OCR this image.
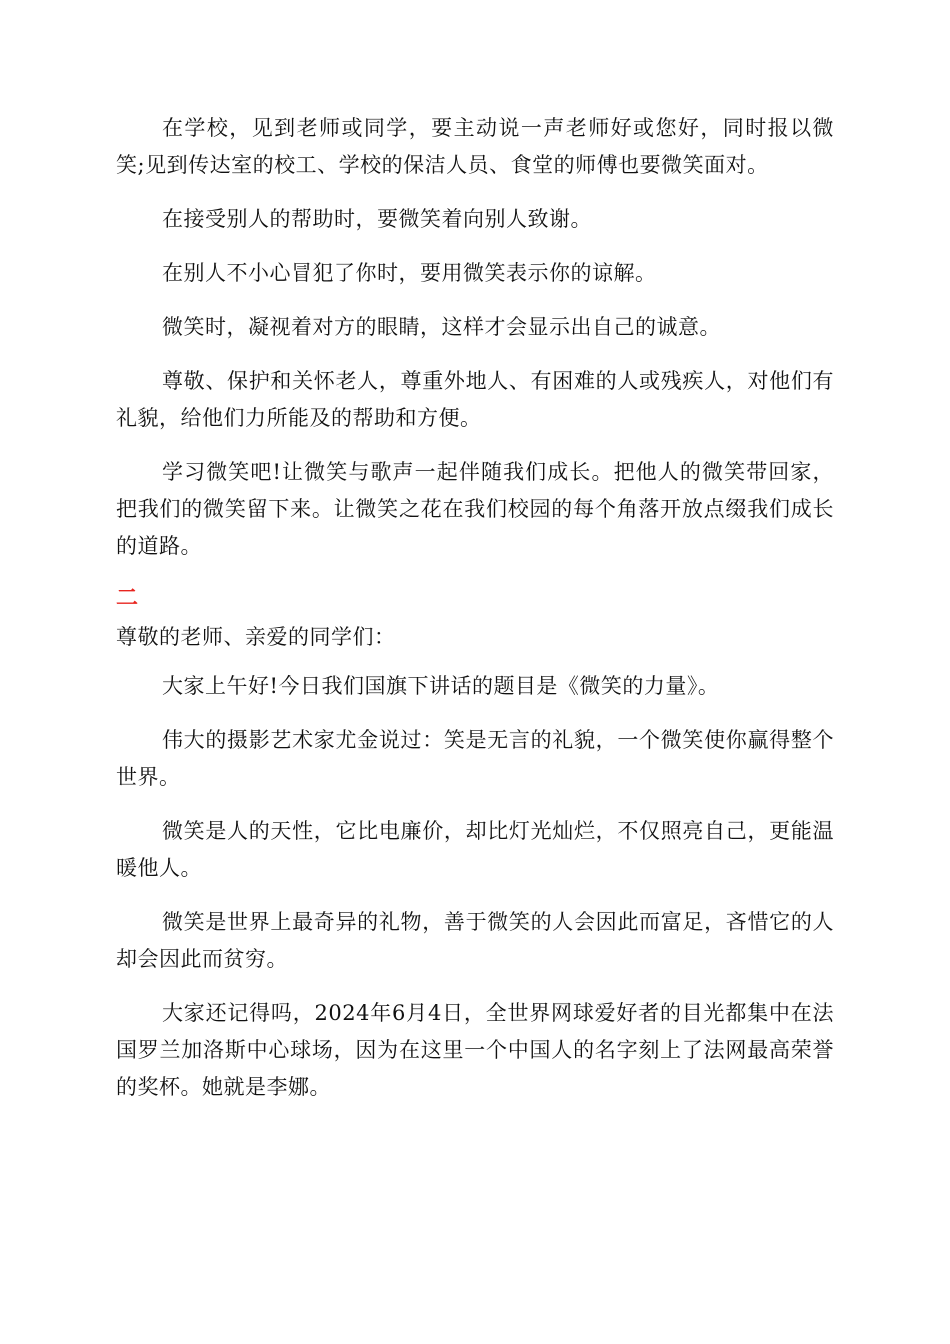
在学校，见到老师或同学，要主动说一声老师好或您好，同时报以微笑;见到传达室的校工、学校的保洁人员、食堂的师傅也要微笑面对。

在接受别人的帮助时，要微笑着向别人致谢。

在别人不小心冒犯了你时，要用微笑表示你的谅解。

微笑时，凝视着对方的眼睛，这样才会显示出自己的诚意。

尊敬、保护和关怀老人，尊重外地人、有困难的人或残疾人，对他们有礼貌，给他们力所能及的帮助和方便。

学习微笑吧!让微笑与歌声一起伴随我们成长。把他人的微笑带回家，把我们的微笑留下来。让微笑之花在我们校园的每个角落开放点缀我们成长的道路。

二

尊敬的老师、亲爱的同学们：

大家上午好!今日我们国旗下讲话的题目是《微笑的力量》。

伟大的摄影艺术家尤金说过：笑是无言的礼貌，一个微笑使你赢得整个世界。

微笑是人的天性，它比电廉价，却比灯光灿烂，不仅照亮自己，更能温暖他人。

微笑是世界上最奇异的礼物，善于微笑的人会因此而富足，吝惜它的人却会因此而贫穷。

大家还记得吗，2024年6月4日，全世界网球爱好者的目光都集中在法国罗兰加洛斯中心球场，因为在这里一个中国人的名字刻上了法网最高荣誉的奖杯。她就是李娜。
